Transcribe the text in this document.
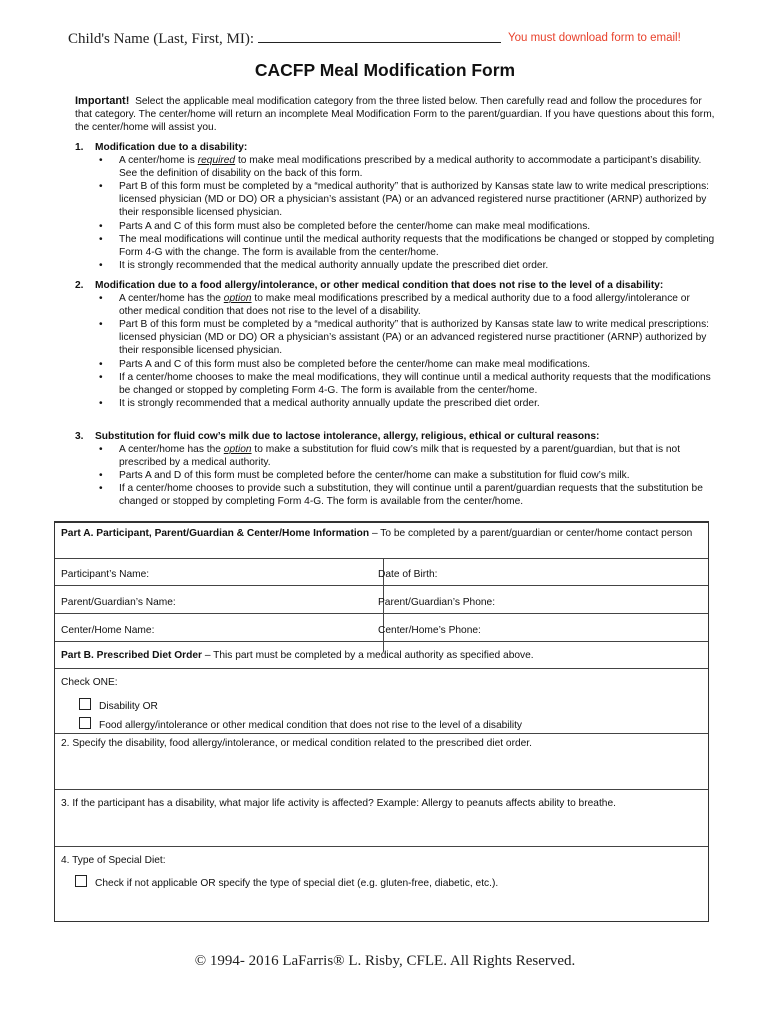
Child's Name (Last, First, MI):	You must download form to email!
CACFP Meal Modification Form
Important! Select the applicable meal modification category from the three listed below. Then carefully read and follow the procedures for that category. The center/home will return an incomplete Meal Modification Form to the parent/guardian. If you have questions about this form, the center/home will assist you.
1. Modification due to a disability:
• A center/home is required to make meal modifications prescribed by a medical authority to accommodate a participant’s disability. See the definition of disability on the back of this form.
• Part B of this form must be completed by a “medical authority” that is authorized by Kansas state law to write medical prescriptions: licensed physician (MD or DO) OR a physician’s assistant (PA) or an advanced registered nurse practitioner (ARNP) authorized by their responsible licensed physician.
• Parts A and C of this form must also be completed before the center/home can make meal modifications.
• The meal modifications will continue until the medical authority requests that the modifications be changed or stopped by completing Form 4-G with the change. The form is available from the center/home.
• It is strongly recommended that the medical authority annually update the prescribed diet order.
2. Modification due to a food allergy/intolerance, or other medical condition that does not rise to the level of a disability:
• A center/home has the option to make meal modifications prescribed by a medical authority due to a food allergy/intolerance or other medical condition that does not rise to the level of a disability.
• Part B of this form must be completed by a “medical authority” that is authorized by Kansas state law to write medical prescriptions: licensed physician (MD or DO) OR a physician’s assistant (PA) or an advanced registered nurse practitioner (ARNP) authorized by their responsible licensed physician.
• Parts A and C of this form must also be completed before the center/home can make meal modifications.
• If a center/home chooses to make the meal modifications, they will continue until a medical authority requests that the modifications be changed or stopped by completing Form 4-G. The form is available from the center/home.
• It is strongly recommended that a medical authority annually update the prescribed diet order.
3. Substitution for fluid cow’s milk due to lactose intolerance, allergy, religious, ethical or cultural reasons:
• A center/home has the option to make a substitution for fluid cow’s milk that is requested by a parent/guardian, but that is not prescribed by a medical authority.
• Parts A and D of this form must be completed before the center/home can make a substitution for fluid cow’s milk.
• If a center/home chooses to provide such a substitution, they will continue until a parent/guardian requests that the substitution be changed or stopped by completing Form 4-G. The form is available from the center/home.
Part A. Participant, Parent/Guardian & Center/Home Information – To be completed by a parent/guardian or center/home contact person
Participant’s Name:	Date of Birth:
Parent/Guardian’s Name:	Parent/Guardian’s Phone:
Center/Home Name:	Center/Home’s Phone:
Part B. Prescribed Diet Order – This part must be completed by a medical authority as specified above.
Check ONE:
Disability OR
Food allergy/intolerance or other medical condition that does not rise to the level of a disability
2. Specify the disability, food allergy/intolerance, or medical condition related to the prescribed diet order.
3. If the participant has a disability, what major life activity is affected? Example: Allergy to peanuts affects ability to breathe.
4. Type of Special Diet:
Check if not applicable OR specify the type of special diet (e.g. gluten-free, diabetic, etc.).
© 1994- 2016 LaFarris® L. Risby, CFLE. All Rights Reserved.
